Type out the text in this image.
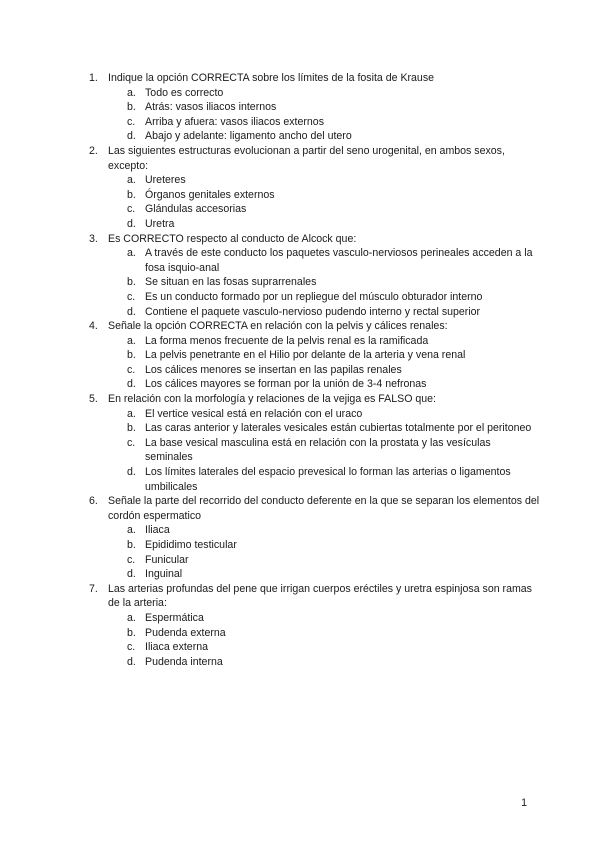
1. Indique la opción CORRECTA sobre los límites de la fosita de Krause
a. Todo es correcto
b. Atrás: vasos iliacos internos
c. Arriba y afuera: vasos iliacos externos
d. Abajo y adelante: ligamento ancho del utero
2. Las siguientes estructuras evolucionan a partir del seno urogenital, en ambos sexos, excepto:
a. Ureteres
b. Órganos genitales externos
c. Glándulas accesorias
d. Uretra
3. Es CORRECTO respecto al conducto de Alcock que:
a. A través de este conducto los paquetes vasculo-nerviosos perineales acceden a la fosa isquio-anal
b. Se situan en las fosas suprarrenales
c. Es un conducto formado por un repliegue del músculo obturador interno
d. Contiene el paquete vasculo-nervioso pudendo interno y rectal superior
4. Señale la opción CORRECTA en relación con la pelvis y cálices renales:
a. La forma menos frecuente de la pelvis renal es la ramificada
b. La pelvis penetrante en el Hilio por delante de la arteria y vena renal
c. Los cálices menores se insertan en las papilas renales
d. Los cálices mayores se forman por la unión de 3-4 nefronas
5. En relación con la morfología y relaciones de la vejiga es FALSO que:
a. El vertice vesical está en relación con el uraco
b. Las caras anterior y laterales vesicales están cubiertas totalmente por el peritoneo
c. La base vesical masculina está en relación con la prostata y las vesículas seminales
d. Los límites laterales del espacio prevesical lo forman las arterias o ligamentos umbilicales
6. Señale la parte del recorrido del conducto deferente en la que se separan los elementos del cordón espermatico
a. Iliaca
b. Epididimo testicular
c. Funicular
d. Inguinal
7. Las arterias profundas del pene que irrigan cuerpos eréctiles y uretra espinjosa son ramas de la arteria:
a. Espermática
b. Pudenda externa
c. Iliaca externa
d. Pudenda interna
1
